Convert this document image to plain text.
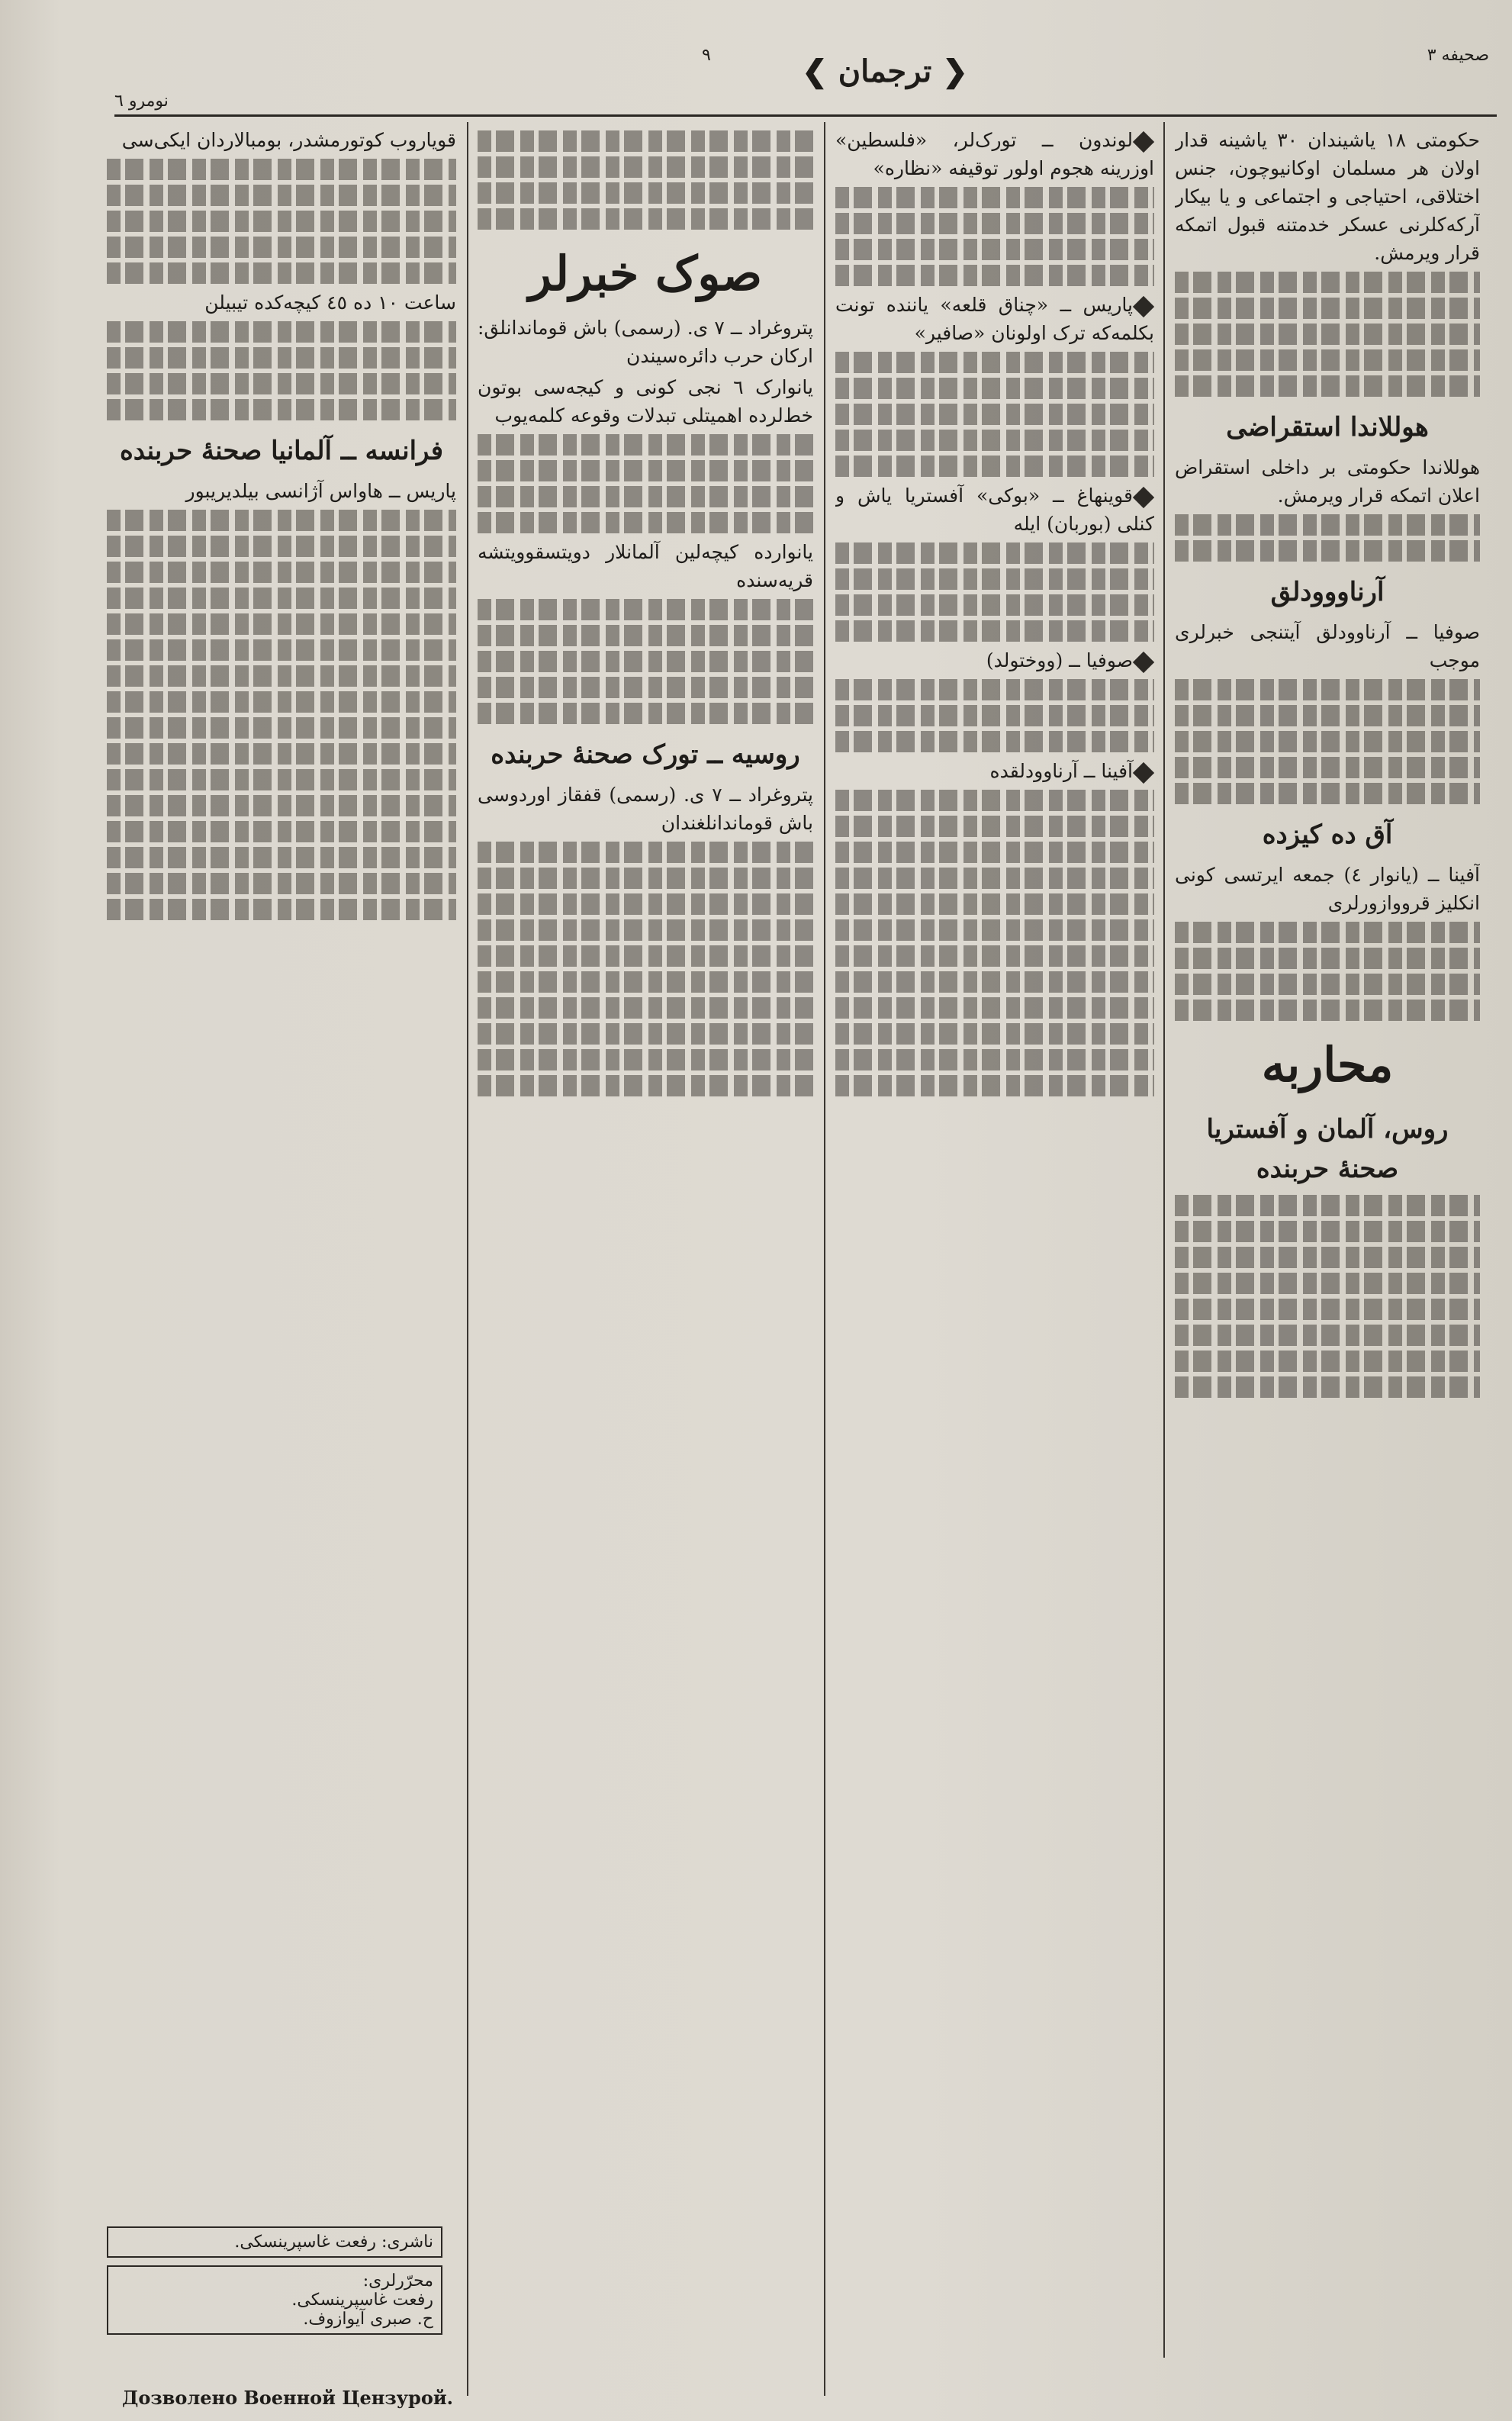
صحیفه ۳
۹	❮ ترجمان ❯
نومرو ٦

حکومتی ۱۸ یاشیندان ۳۰ یاشینه قدار اولان هر مسلمان اوکانیوچون، جنس اختلاقی، احتیاجی و اجتماعی و یا بیکار آرکه‌کلرنی عسکر خدمتنه قبول اتمکه قرار ویرمش.

هوللاندا استقراضی

هوللاندا حکومتی بر داخلی استقراض اعلان اتمکه قرار ویرمش.

آرناووودلق

صوفیا ــ آرناوودلق آیتنجی خبرلری موجب

آق ده کیزده

آفینا ــ (یانوار ٤) جمعه ایرتسی کونی انکلیز قرووازورلری

محاربه
روس، آلمان و آفستریا صحنه‌ٔ حربنده

لوندون ــ تورک‌لر، «فلسطین» اوزرینه هجوم اولور توقیفه «نظاره»

پاریس ــ «چناق قلعه» یاننده تونت بکلمه‌که ترک اولونان «صافیر»

قوینهاغ ــ «بوکی» آفستریا یاش و کنلی (بوربان) ایله

صوفیا ــ (ووختولد)

آفینا ــ آرناوودلقده

صوک خبرلر

پتروغراد ــ ۷ ی. (رسمی) باش قوماندانلق: ارکان حرب دائره‌سیندن

یانوارک ٦ نجی کونی و کیجه‌سی بوتون خط‌لرده اهمیتلی تبدلات وقوعه کلمه‌یوب

یانوارده ‌کیچه‌لین آلمانلار دویتسقوویتشه قریه‌سنده

روسیه ــ تورک صحنه‌ٔ حربنده

پتروغراد ــ ۷ ی. (رسمی) قفقاز اوردوسی باش قوماندانلغندان

قویاروب کوتورمشدر، بومبالاردان ایکی‌سی

ساعت ۱۰ ده ٤٥ کیچه‌کده تیبیلن

فرانسه ــ آلمانیا صحنه‌ٔ حربنده

پاریس ــ هاواس آژانسی بیلدیریبور

ناشری: رفعت غاسپرینسکی.
محرّرلری:
رفعت غاسپرینسکی.
ح. صبری آیوازوف.
Дозволено Военной Цензурой.
